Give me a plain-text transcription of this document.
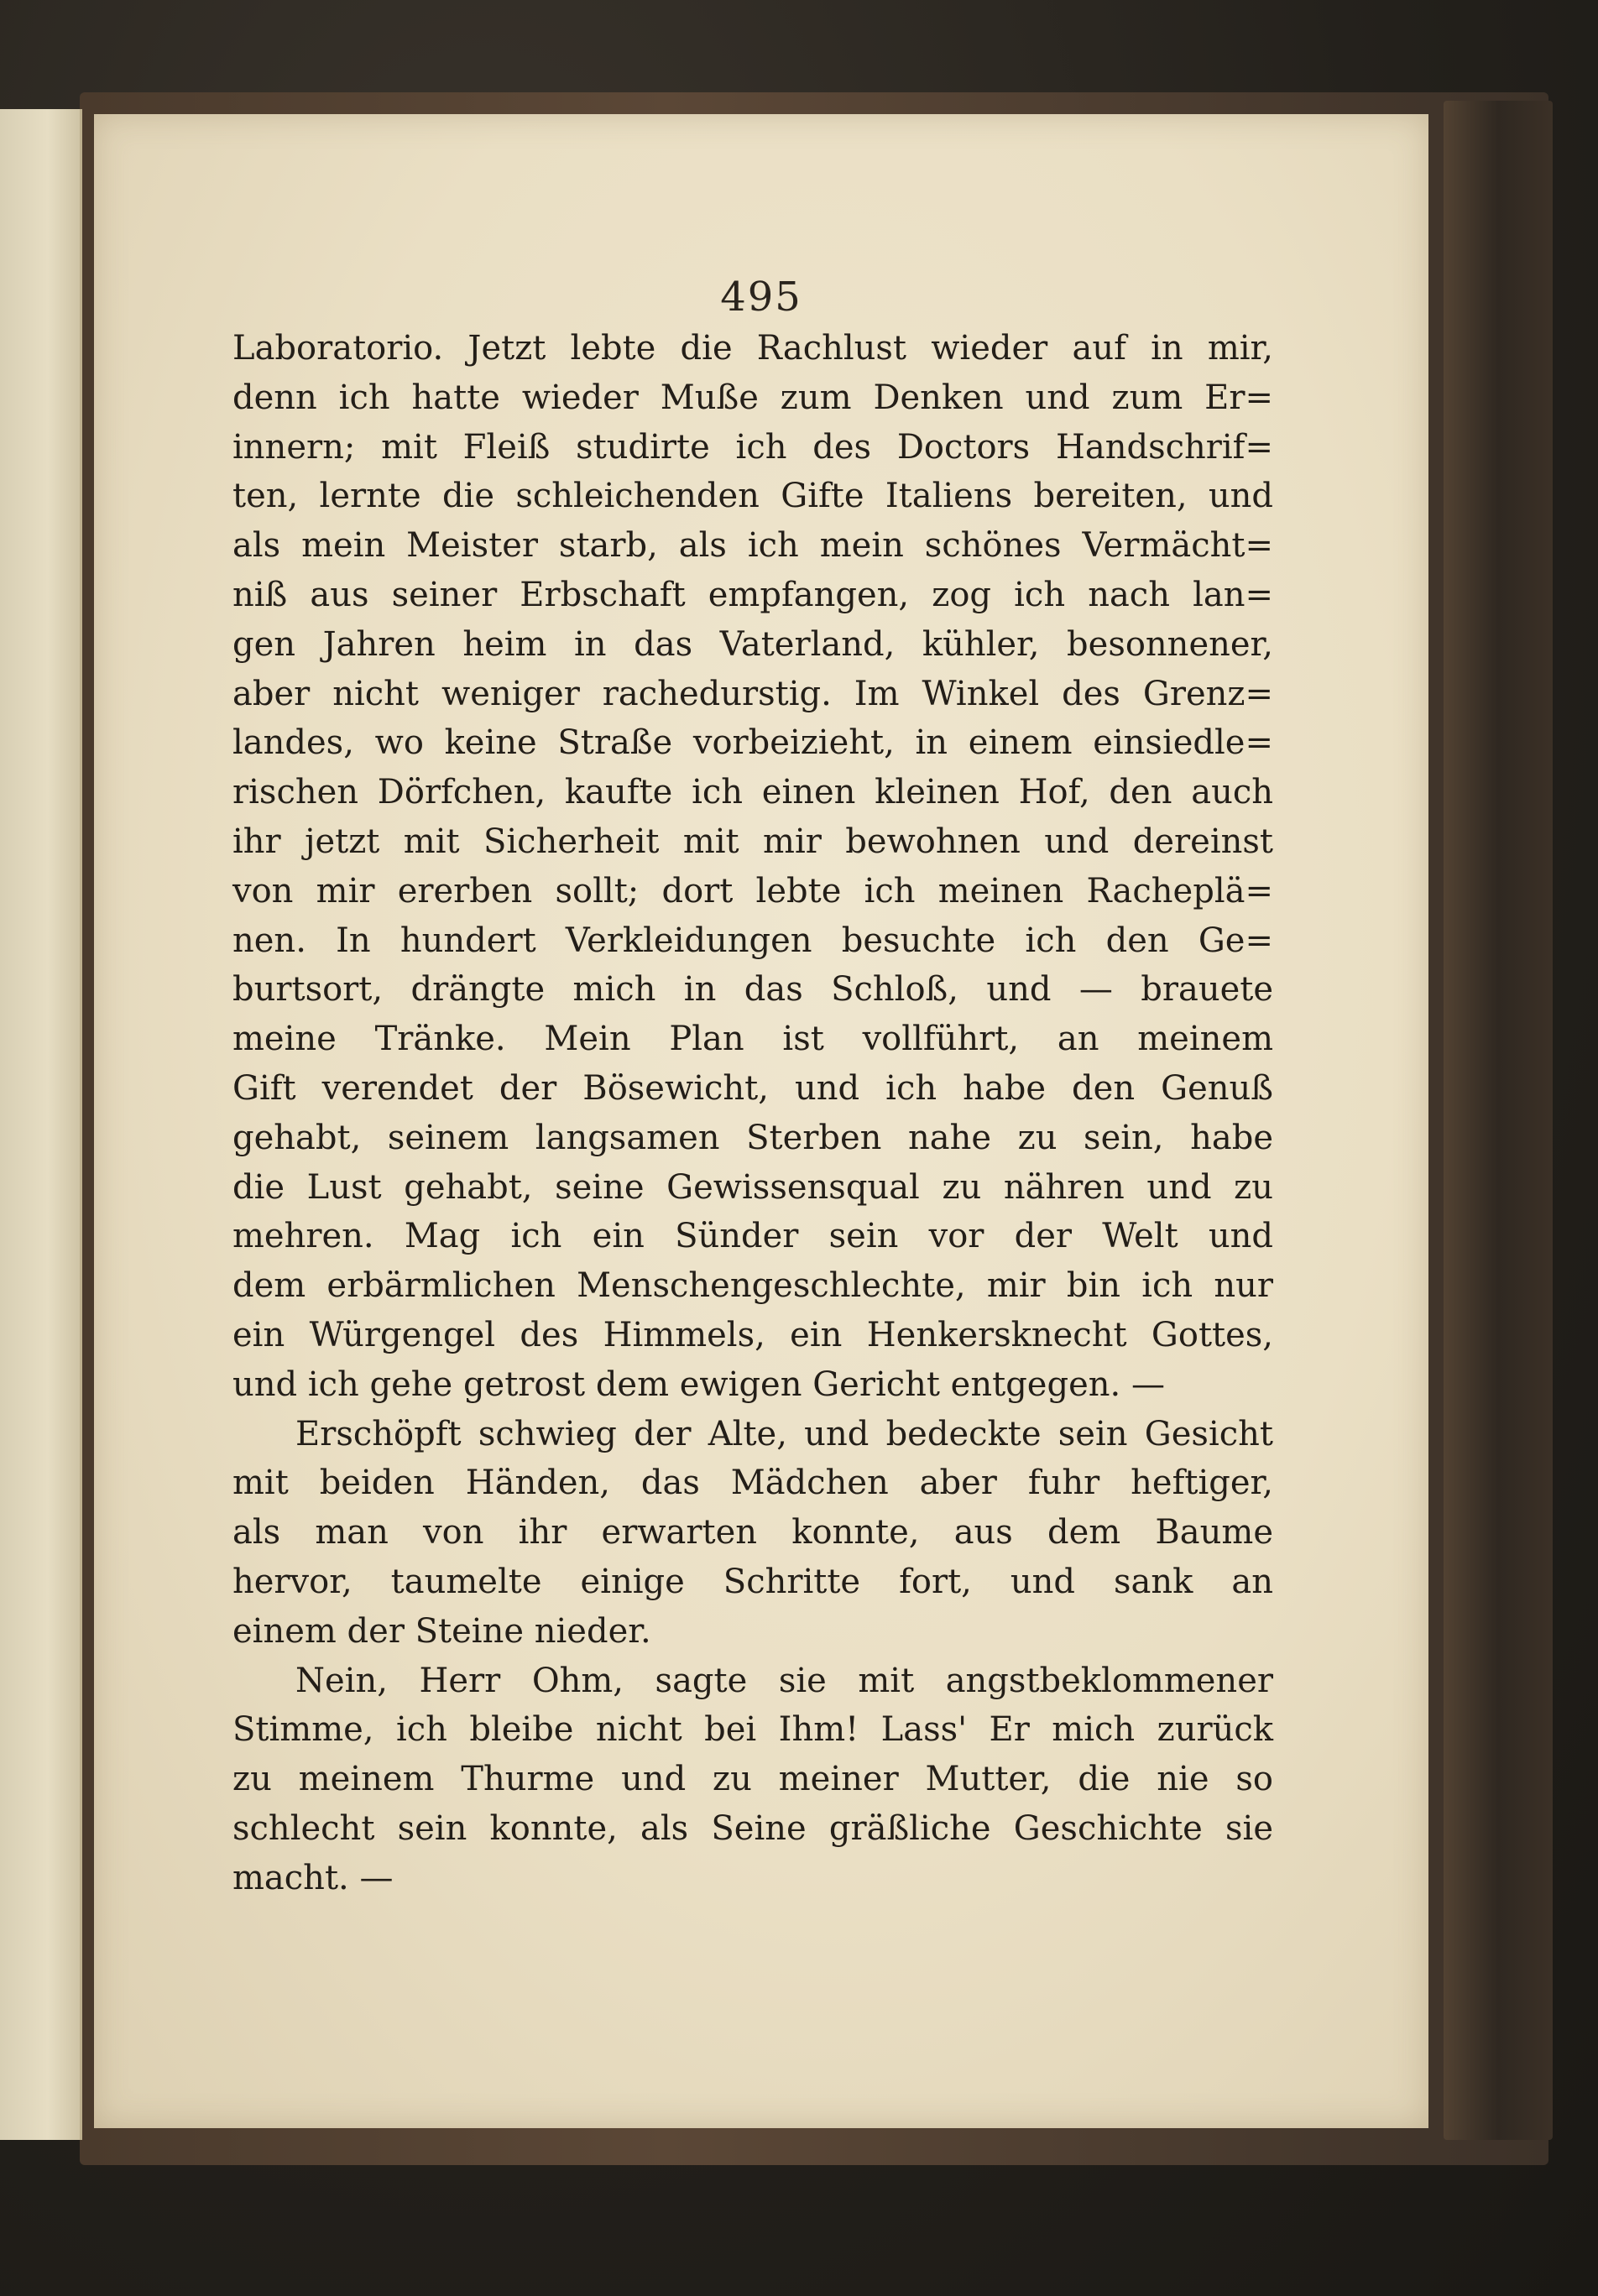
495
Laboratorio. Jetzt lebte die Rachlust wieder auf in mir,
denn ich hatte wieder Muße zum Denken und zum Er=
innern; mit Fleiß studirte ich des Doctors Handschrif=
ten, lernte die schleichenden Gifte Italiens bereiten, und
als mein Meister starb, als ich mein schönes Vermächt=
niß aus seiner Erbschaft empfangen, zog ich nach lan=
gen Jahren heim in das Vaterland, kühler, besonnener,
aber nicht weniger rachedurstig. Im Winkel des Grenz=
landes, wo keine Straße vorbeizieht, in einem einsiedle=
rischen Dörfchen, kaufte ich einen kleinen Hof, den auch
ihr jetzt mit Sicherheit mit mir bewohnen und dereinst
von mir ererben sollt; dort lebte ich meinen Racheplä=
nen. In hundert Verkleidungen besuchte ich den Ge=
burtsort, drängte mich in das Schloß, und — brauete
meine Tränke. Mein Plan ist vollführt, an meinem
Gift verendet der Bösewicht, und ich habe den Genuß
gehabt, seinem langsamen Sterben nahe zu sein, habe
die Lust gehabt, seine Gewissensqual zu nähren und zu
mehren. Mag ich ein Sünder sein vor der Welt und
dem erbärmlichen Menschengeschlechte, mir bin ich nur
ein Würgengel des Himmels, ein Henkersknecht Gottes,
und ich gehe getrost dem ewigen Gericht entgegen. —
Erschöpft schwieg der Alte, und bedeckte sein Gesicht
mit beiden Händen, das Mädchen aber fuhr heftiger,
als man von ihr erwarten konnte, aus dem Baume
hervor, taumelte einige Schritte fort, und sank an
einem der Steine nieder.
Nein, Herr Ohm, sagte sie mit angstbeklommener
Stimme, ich bleibe nicht bei Ihm! Lass' Er mich zurück
zu meinem Thurme und zu meiner Mutter, die nie so
schlecht sein konnte, als Seine gräßliche Geschichte sie
macht. —
